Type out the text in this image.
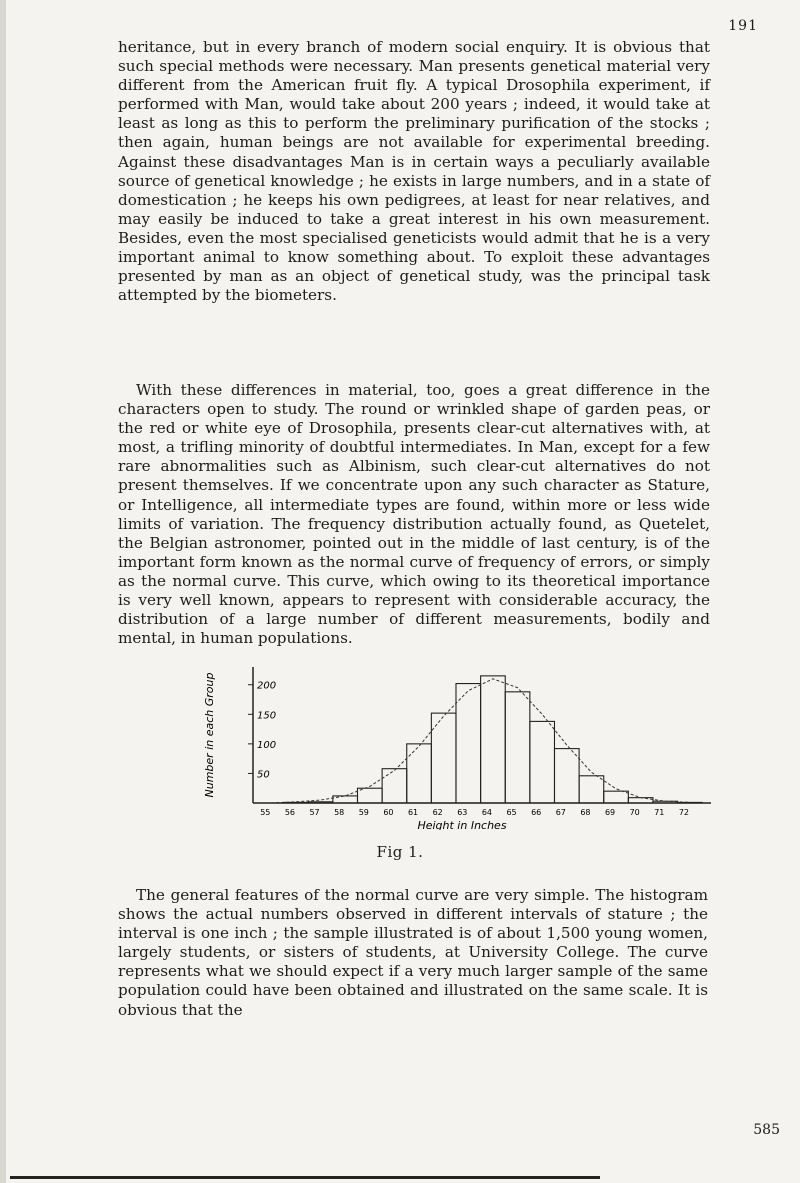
191

heritance, but in every branch of modern social enquiry. It is obvious that such special methods were necessary. Man presents genetical material very different from the American fruit fly. A typical Drosophila experiment, if performed with Man, would take about 200 years ; indeed, it would take at least as long as this to perform the preliminary purification of the stocks ; then again, human beings are not available for experimental breeding. Against these disadvantages Man is in certain ways a peculiarly available source of genetical knowledge ; he exists in large numbers, and in a state of domestication ; he keeps his own pedigrees, at least for near relatives, and may easily be induced to take a great interest in his own measurement. Besides, even the most specialised geneticists would admit that he is a very important animal to know something about. To exploit these advantages presented by man as an object of genetical study, was the principal task attempted by the biometers.

With these differences in material, too, goes a great difference in the characters open to study. The round or wrinkled shape of garden peas, or the red or white eye of Drosophila, presents clear-cut alternatives with, at most, a trifling minority of doubtful intermediates. In Man, except for a few rare abnormalities such as Albinism, such clear-cut alternatives do not present themselves. If we concentrate upon any such character as Stature, or Intelligence, all intermediate types are found, within more or less wide limits of variation. The frequency distribution actually found, as Quetelet, the Belgian astronomer, pointed out in the middle of last century, is of the important form known as the normal curve of frequency of errors, or simply as the normal curve. This curve, which owing to its theoretical importance is very well known, appears to represent with considerable accuracy, the distribution of a large number of different measurements, bodily and mental, in human populations.

200
150
100
50
55 56 57 58 59 60 61 62 63 64 65 66 67 68 69 70 71 72
Number in each Group
Height in Inches
Fig 1.

The general features of the normal curve are very simple. The histogram shows the actual numbers observed in different intervals of stature ; the interval is one inch ; the sample illustrated is of about 1,500 young women, largely students, or sisters of students, at University College. The curve represents what we should expect if a very much larger sample of the same population could have been obtained and illustrated on the same scale. It is obvious that the

585
